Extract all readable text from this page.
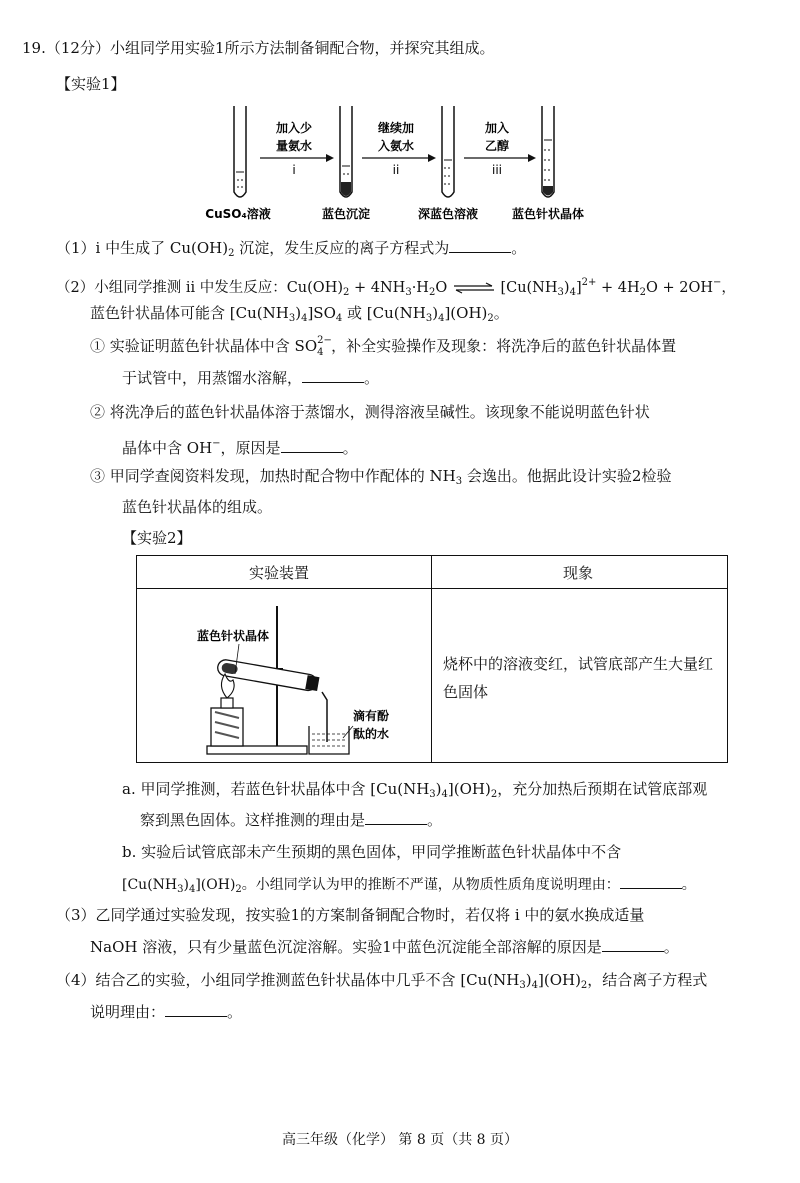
19.（12分）小组同学用实验1所示方法制备铜配合物，并探究其组成。
【实验1】
加入少
量氨水
i
继续加
入氨水
ii
加入
乙醇
iii
CuSO₄溶液	蓝色沉淀	深蓝色溶液	蓝色针状晶体
（1）i 中生成了 $Cu(OH)_2$ 沉淀，发生反应的离子方程式为	。
（2）小组同学推测 ii 中发生反应：$Cu(OH)_2 + 4NH_3\cdot H_2O$ ⇌ $[Cu(NH_3)_4]^{2+} + 4H_2O + 2OH^-$，
蓝色针状晶体可能含 $[Cu(NH_3)_4]SO_4$ 或 $[Cu(NH_3)_4](OH)_2$。
① 实验证明蓝色针状晶体中含 SO 2−
4 ，补全实验操作及现象：将洗净后的蓝色针状晶体置
于试管中，用蒸馏水溶解，	。
② 将洗净后的蓝色针状晶体溶于蒸馏水，测得溶液呈碱性。该现象不能说明蓝色针状
晶体中含 OH−，原因是	。
③ 甲同学查阅资料发现，加热时配合物中作配体的 $NH_3$ 会逸出。他据此设计实验2检验
蓝色针状晶体的组成。
【实验2】
实验装置	现象
烧杯中的溶液变红，试管底部产生大量红色固体
蓝色针状晶体
滴有酚
酞的水
a. 甲同学推测，若蓝色针状晶体中含 $[Cu(NH_3)_4](OH)_2$，充分加热后预期在试管底部观
察到黑色固体。这样推测的理由是	。
b. 实验后试管底部未产生预期的黑色固体，甲同学推断蓝色针状晶体中不含
$[Cu(NH_3)_4](OH)_2$。小组同学认为甲的推断不严谨，从物质性质角度说明理由：	。
（3）乙同学通过实验发现，按实验1的方案制备铜配合物时，若仅将 i 中的氨水换成适量
NaOH 溶液，只有少量蓝色沉淀溶解。实验1中蓝色沉淀能全部溶解的原因是	。
（4）结合乙的实验，小组同学推测蓝色针状晶体中几乎不含 $[Cu(NH_3)_4](OH)_2$，结合离子方程式
说明理由：	。
高三年级（化学） 第 8 页（共 8 页）
